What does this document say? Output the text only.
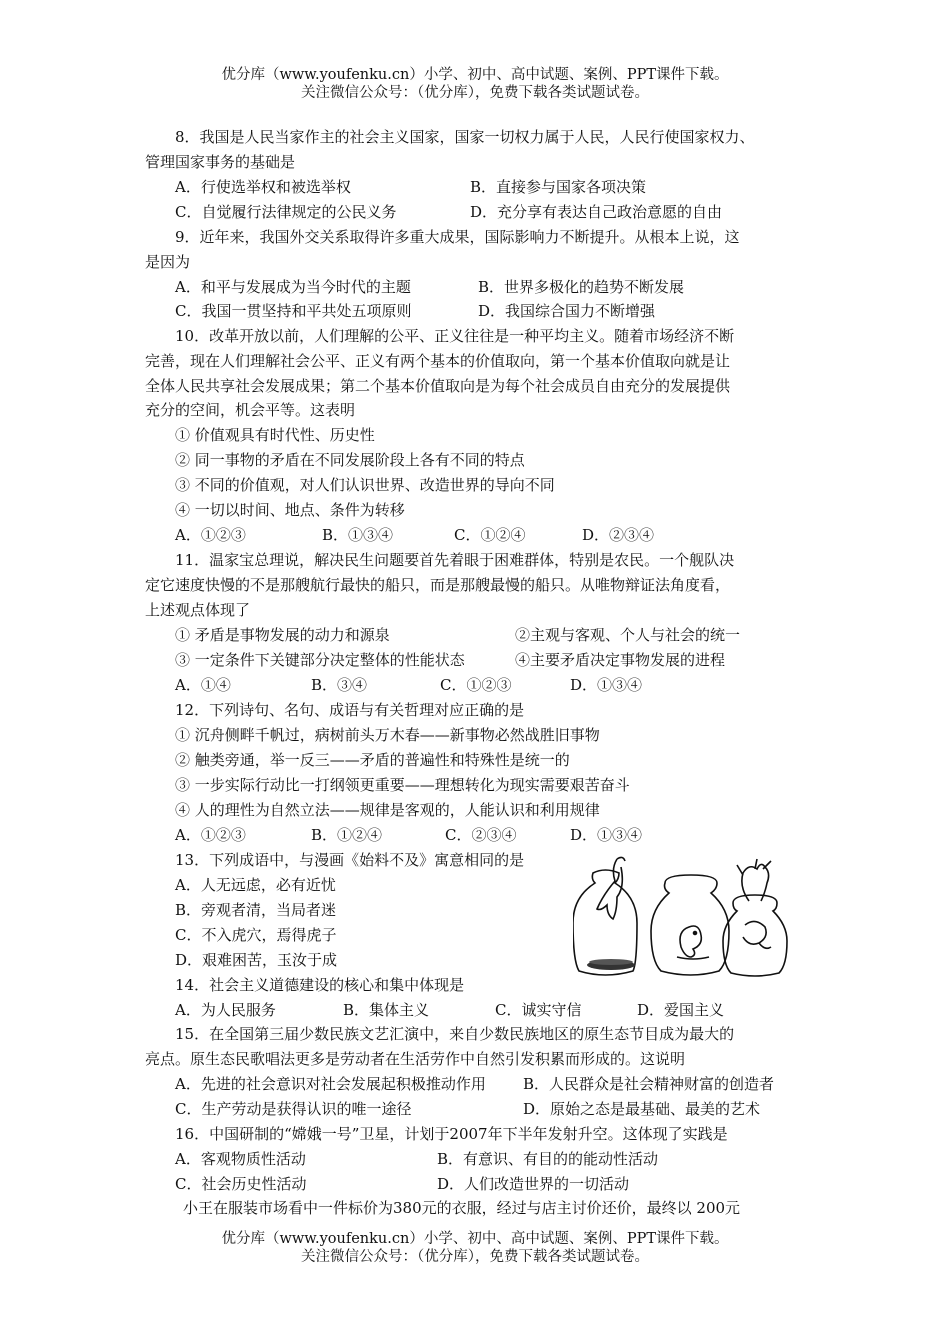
优分库（www.youfenku.cn）小学、初中、高中试题、案例、PPT课件下载。
关注微信公众号：（优分库），免费下载各类试题试卷。
8．我国是人民当家作主的社会主义国家，国家一切权力属于人民，人民行使国家权力、
管理国家事务的基础是
A．行使选举权和被选举权	B．直接参与国家各项决策
C．自觉履行法律规定的公民义务	D．充分享有表达自己政治意愿的自由
9．近年来，我国外交关系取得许多重大成果，国际影响力不断提升。从根本上说，这
是因为
A．和平与发展成为当今时代的主题	B．世界多极化的趋势不断发展
C．我国一贯坚持和平共处五项原则	D．我国综合国力不断增强
10．改革开放以前，人们理解的公平、正义往往是一种平均主义。随着市场经济不断
完善，现在人们理解社会公平、正义有两个基本的价值取向，第一个基本价值取向就是让
全体人民共享社会发展成果；第二个基本价值取向是为每个社会成员自由充分的发展提供
充分的空间，机会平等。这表明
① 价值观具有时代性、历史性
② 同一事物的矛盾在不同发展阶段上各有不同的特点
③ 不同的价值观，对人们认识世界、改造世界的导向不同
④ 一切以时间、地点、条件为转移
A．①②③	B．①③④	C．①②④	D．②③④
11．温家宝总理说，解决民生问题要首先着眼于困难群体，特别是农民。一个舰队决
定它速度快慢的不是那艘航行最快的船只，而是那艘最慢的船只。从唯物辩证法角度看，
上述观点体现了
① 矛盾是事物发展的动力和源泉	②主观与客观、个人与社会的统一
③ 一定条件下关键部分决定整体的性能状态	④主要矛盾决定事物发展的进程
A．①④	B．③④	C．①②③	D．①③④
12．下列诗句、名句、成语与有关哲理对应正确的是
① 沉舟侧畔千帆过，病树前头万木春——新事物必然战胜旧事物
② 触类旁通，举一反三——矛盾的普遍性和特殊性是统一的
③ 一步实际行动比一打纲领更重要——理想转化为现实需要艰苦奋斗
④ 人的理性为自然立法——规律是客观的，人能认识和利用规律
A．①②③	B．①②④	C．②③④	D．①③④
13．下列成语中，与漫画《始料不及》寓意相同的是
A．人无远虑，必有近忧
B．旁观者清，当局者迷
C．不入虎穴，焉得虎子
D．艰难困苦，玉汝于成
14．社会主义道德建设的核心和集中体现是
A．为人民服务	B．集体主义	C．诚实守信	D．爱国主义
15．在全国第三届少数民族文艺汇演中，来自少数民族地区的原生态节目成为最大的
亮点。原生态民歌唱法更多是劳动者在生活劳作中自然引发积累而形成的。这说明
A．先进的社会意识对社会发展起积极推动作用 B．人民群众是社会精神财富的创造者
C．生产劳动是获得认识的唯一途径	D．原始之态是最基础、最美的艺术
16．中国研制的“嫦娥一号”卫星，计划于2007年下半年发射升空。这体现了实践是
A．客观物质性活动	B．有意识、有目的的能动性活动
C．社会历史性活动	D．人们改造世界的一切活动
小王在服装市场看中一件标价为380元的衣服，经过与店主讨价还价，最终以 200元
优分库（www.youfenku.cn）小学、初中、高中试题、案例、PPT课件下载。
关注微信公众号：（优分库），免费下载各类试题试卷。
